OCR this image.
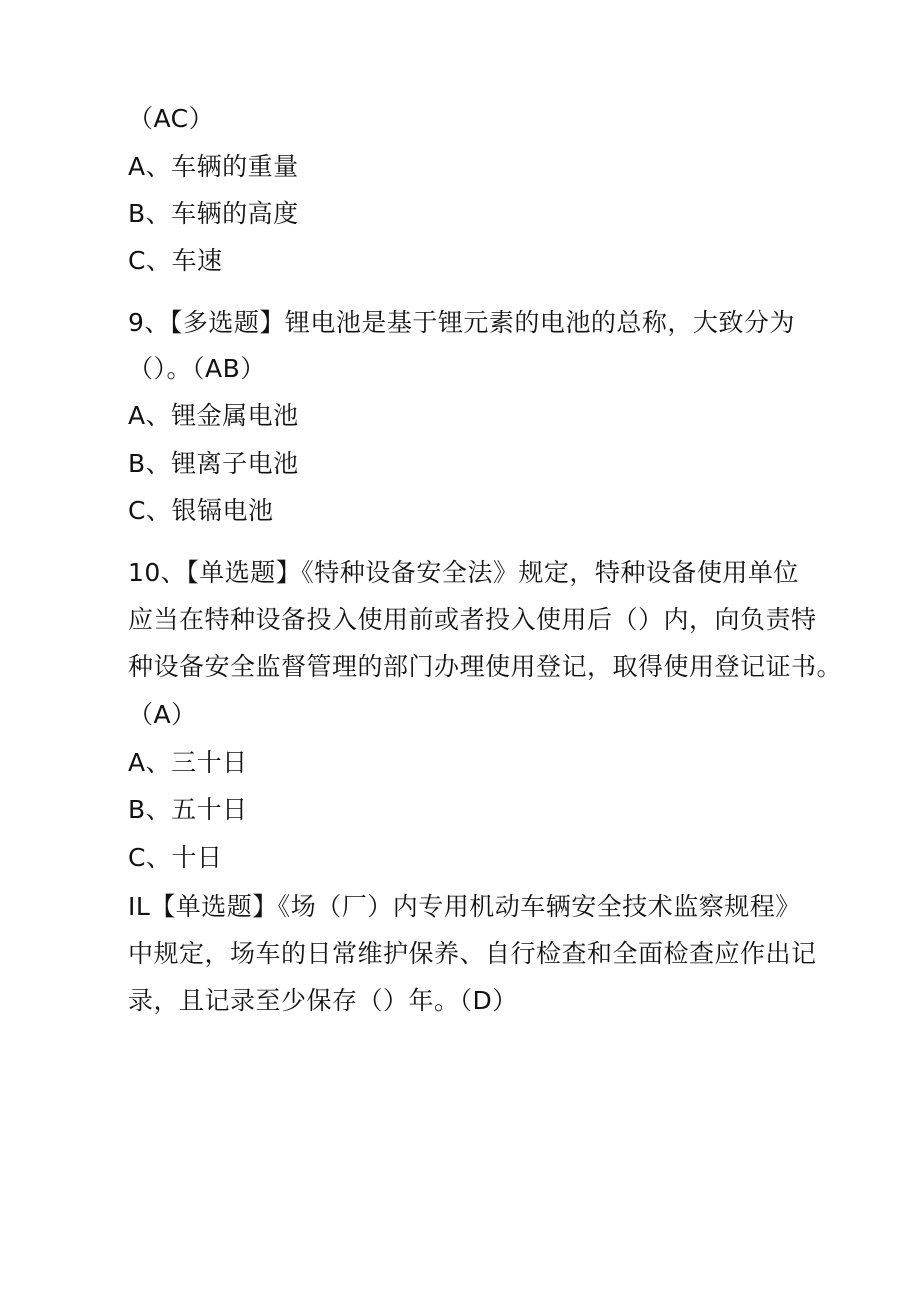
（AC）
A、车辆的重量
B、车辆的高度
C、车速
9、【多选题】锂电池是基于锂元素的电池的总称，大致分为
（）。（AB）
A、锂金属电池
B、锂离子电池
C、银镉电池
10、【单选题】《特种设备安全法》规定，特种设备使用单位
应当在特种设备投入使用前或者投入使用后（）内，向负责特
种设备安全监督管理的部门办理使用登记，取得使用登记证书。
（A）
A、三十日
B、五十日
C、十日
IL【单选题】《场（厂）内专用机动车辆安全技术监察规程》
中规定，场车的日常维护保养、自行检查和全面检查应作出记
录，且记录至少保存（）年。（D）
